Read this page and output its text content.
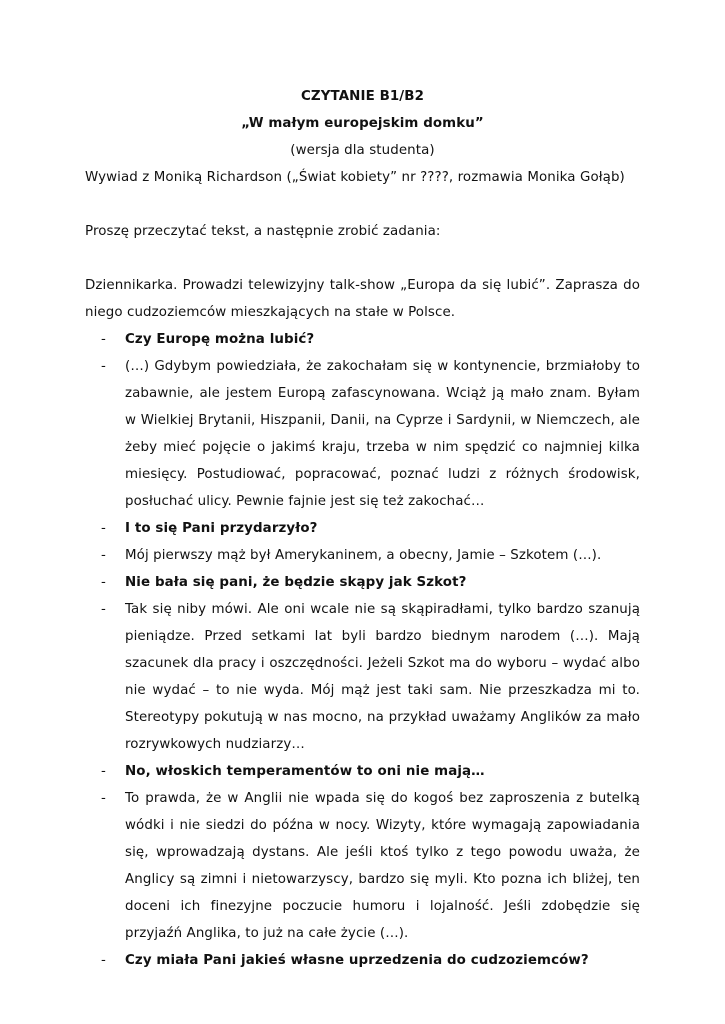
CZYTANIE B1/B2

„W małym europejskim domku”

(wersja dla studenta)

Wywiad z Moniką Richardson („Świat kobiety” nr ????, rozmawia Monika Gołąb)

Proszę przeczytać tekst, a następnie zrobić zadania:

Dziennikarka. Prowadzi telewizyjny talk-show „Europa da się lubić”. Zaprasza do niego cudzoziemców mieszkających na stałe w Polsce.

- Czy Europę można lubić?
- (…) Gdybym powiedziała, że zakochałam się w kontynencie, brzmiałoby to zabawnie, ale jestem Europą zafascynowana. Wciąż ją mało znam. Byłam w Wielkiej Brytanii, Hiszpanii, Danii, na Cyprze i Sardynii, w Niemczech, ale żeby mieć pojęcie o jakimś kraju, trzeba w nim spędzić co najmniej kilka miesięcy. Postudiować, popracować, poznać ludzi z różnych środowisk, posłuchać ulicy. Pewnie fajnie jest się też zakochać…
- I to się Pani przydarzyło?
- Mój pierwszy mąż był Amerykaninem, a obecny, Jamie – Szkotem (…).
- Nie bała się pani, że będzie skąpy jak Szkot?
- Tak się niby mówi. Ale oni wcale nie są skąpiradłami, tylko bardzo szanują pieniądze. Przed setkami lat byli bardzo biednym narodem (…). Mają szacunek dla pracy i oszczędności. Jeżeli Szkot ma do wyboru – wydać albo nie wydać – to nie wyda. Mój mąż jest taki sam. Nie przeszkadza mi to. Stereotypy pokutują w nas mocno, na przykład uważamy Anglików za mało rozrywkowych nudziarzy…
- No, włoskich temperamentów to oni nie mają…
- To prawda, że w Anglii nie wpada się do kogoś bez zaproszenia z butelką wódki i nie siedzi do późna w nocy. Wizyty, które wymagają zapowiadania się, wprowadzają dystans. Ale jeśli ktoś tylko z tego powodu uważa, że Anglicy są zimni i nietowarzyscy, bardzo się myli. Kto pozna ich bliżej, ten doceni ich finezyjne poczucie humoru i lojalność. Jeśli zdobędzie się przyjaźń Anglika, to już na całe życie (…).
- Czy miała Pani jakieś własne uprzedzenia do cudzoziemców?
